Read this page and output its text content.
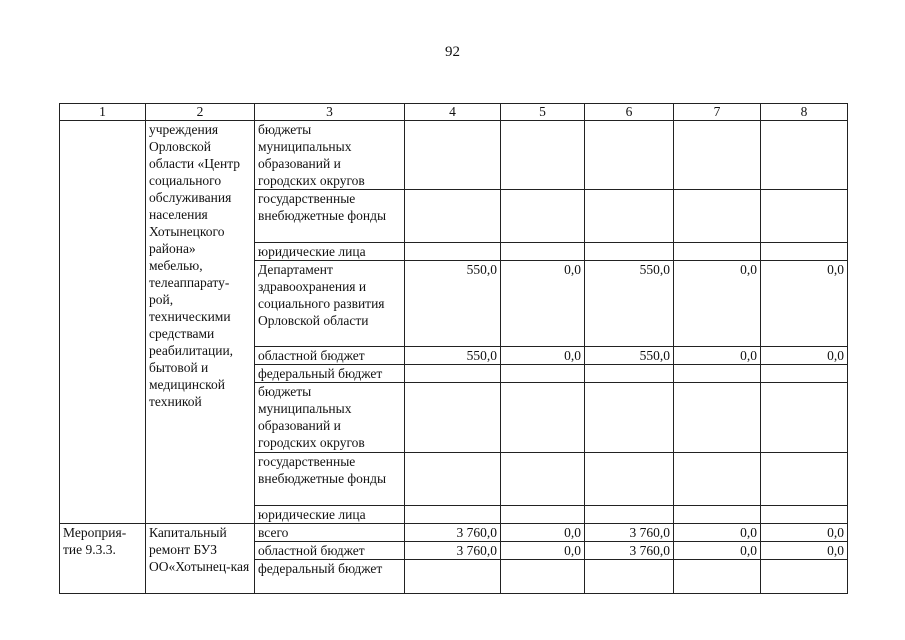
92
1	2	3	4	5	6	7	8
	учреждения Орловской области «Центр социального обслуживания населения Хотынецкого района» мебелью, телеаппарату-рой, техническими средствами реабилитации, бытовой и медицинской техникой	бюджеты муниципальных образований и городских округов					
		государственные внебюджетные фонды					
		юридические лица					
		Департамент здравоохранения и социального развития Орловской области	550,0	0,0	550,0	0,0	0,0
		областной бюджет	550,0	0,0	550,0	0,0	0,0
		федеральный бюджет					
		бюджеты муниципальных образований и городских округов					
		государственные внебюджетные фонды					
		юридические лица					
Мероприя-тие 9.3.3.	Капитальный ремонт БУЗ ОО«Хотынец-кая	всего	3 760,0	0,0	3 760,0	0,0	0,0
		областной бюджет	3 760,0	0,0	3 760,0	0,0	0,0
		федеральный бюджет					
